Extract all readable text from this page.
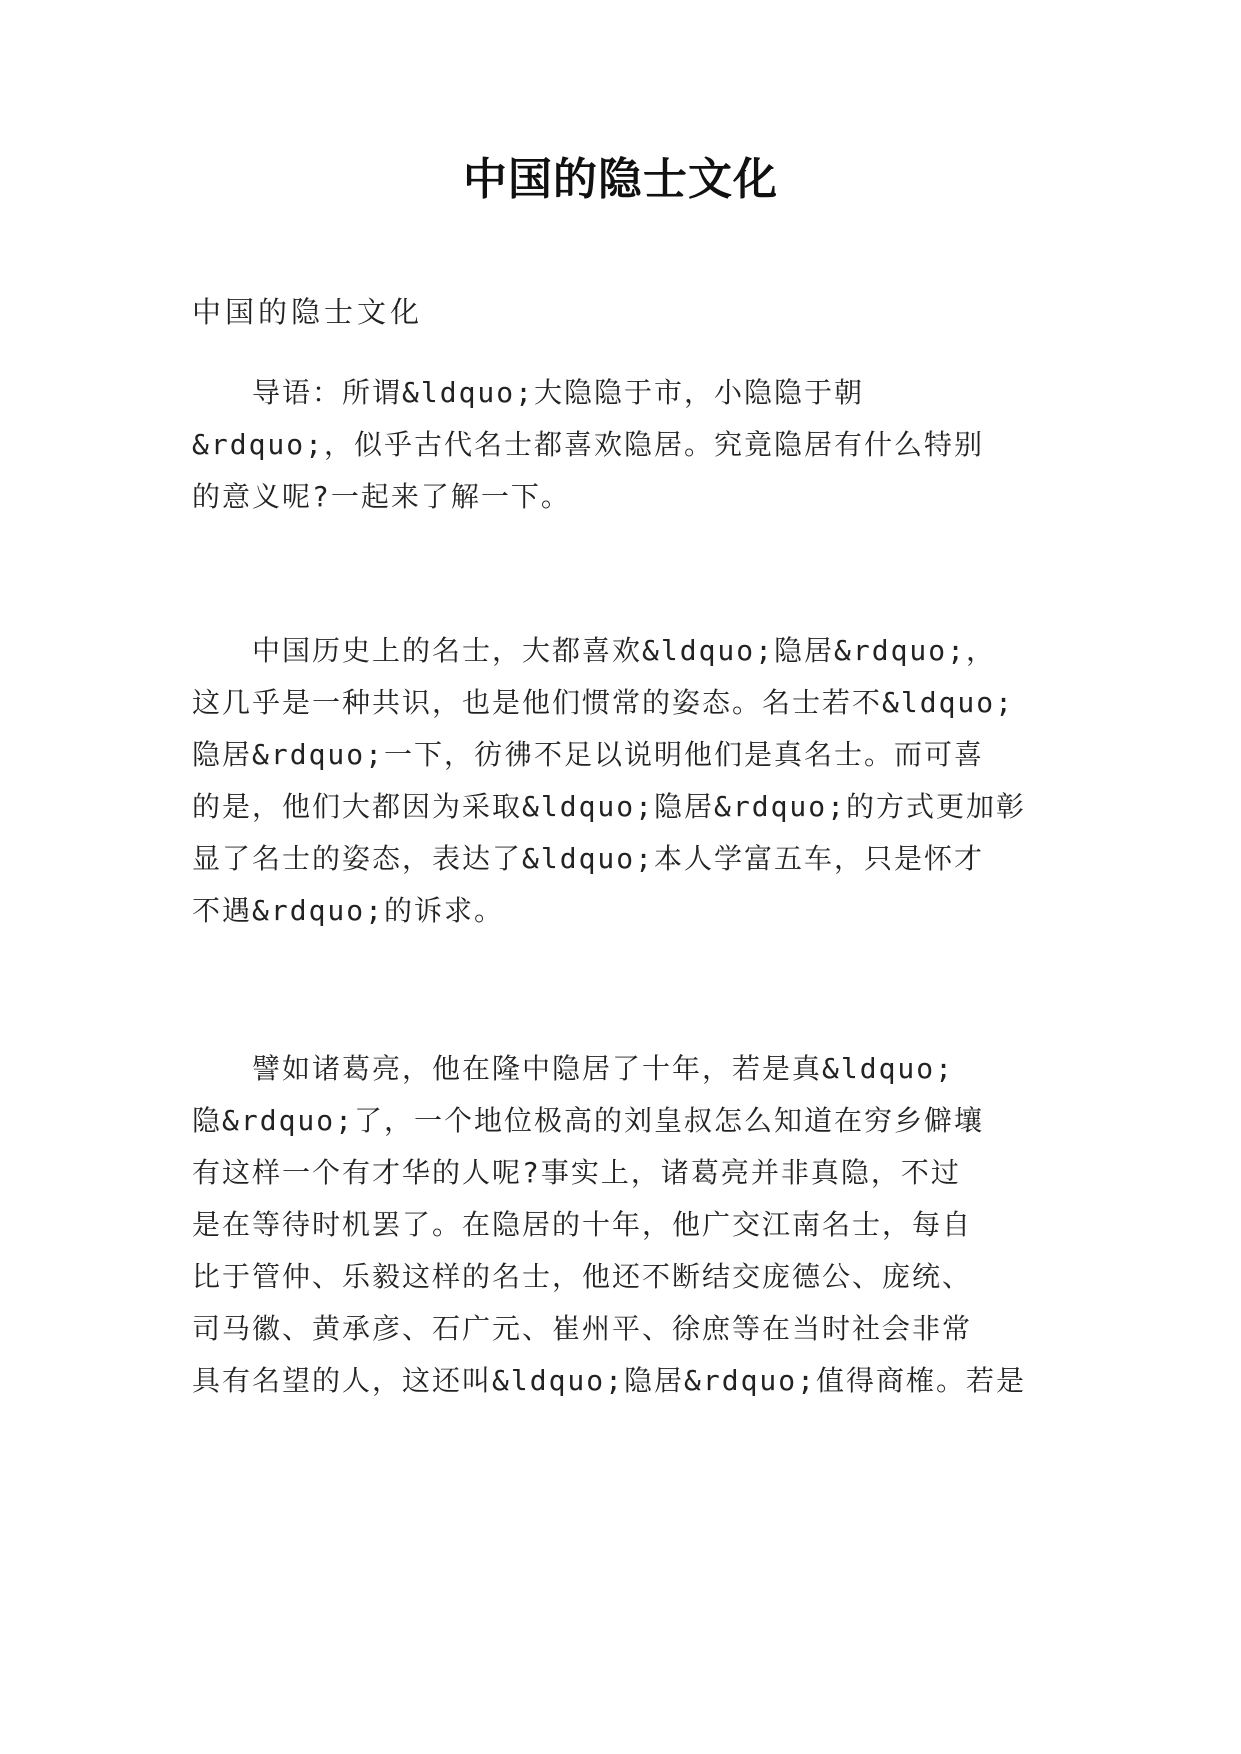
中国的隐士文化
中国的隐士文化
　　导语：所谓&ldquo;大隐隐于市，小隐隐于朝
&rdquo;，似乎古代名士都喜欢隐居。究竟隐居有什么特别
的意义呢?一起来了解一下。
　　中国历史上的名士，大都喜欢&ldquo;隐居&rdquo;，
这几乎是一种共识，也是他们惯常的姿态。名士若不&ldquo;
隐居&rdquo;一下，彷彿不足以说明他们是真名士。而可喜
的是，他们大都因为采取&ldquo;隐居&rdquo;的方式更加彰
显了名士的姿态，表达了&ldquo;本人学富五车，只是怀才
不遇&rdquo;的诉求。
　　譬如诸葛亮，他在隆中隐居了十年，若是真&ldquo;
隐&rdquo;了，一个地位极高的刘皇叔怎么知道在穷乡僻壤
有这样一个有才华的人呢?事实上，诸葛亮并非真隐，不过
是在等待时机罢了。在隐居的十年，他广交江南名士，每自
比于管仲、乐毅这样的名士，他还不断结交庞德公、庞统、
司马徽、黄承彦、石广元、崔州平、徐庶等在当时社会非常
具有名望的人，这还叫&ldquo;隐居&rdquo;值得商榷。若是
